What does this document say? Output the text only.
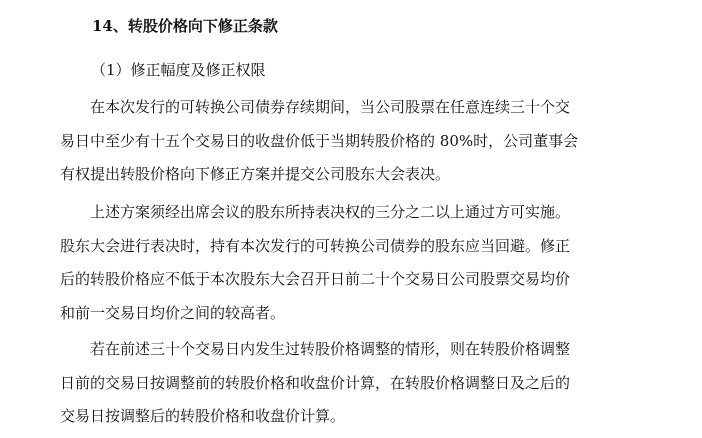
14、转股价格向下修正条款
（1）修正幅度及修正权限
在本次发行的可转换公司债券存续期间，当公司股票在任意连续三十个交
易日中至少有十五个交易日的收盘价低于当期转股价格的 80%时，公司董事会
有权提出转股价格向下修正方案并提交公司股东大会表决。
上述方案须经出席会议的股东所持表决权的三分之二以上通过方可实施。
股东大会进行表决时，持有本次发行的可转换公司债券的股东应当回避。修正
后的转股价格应不低于本次股东大会召开日前二十个交易日公司股票交易均价
和前一交易日均价之间的较高者。
若在前述三十个交易日内发生过转股价格调整的情形，则在转股价格调整
日前的交易日按调整前的转股价格和收盘价计算，在转股价格调整日及之后的
交易日按调整后的转股价格和收盘价计算。
